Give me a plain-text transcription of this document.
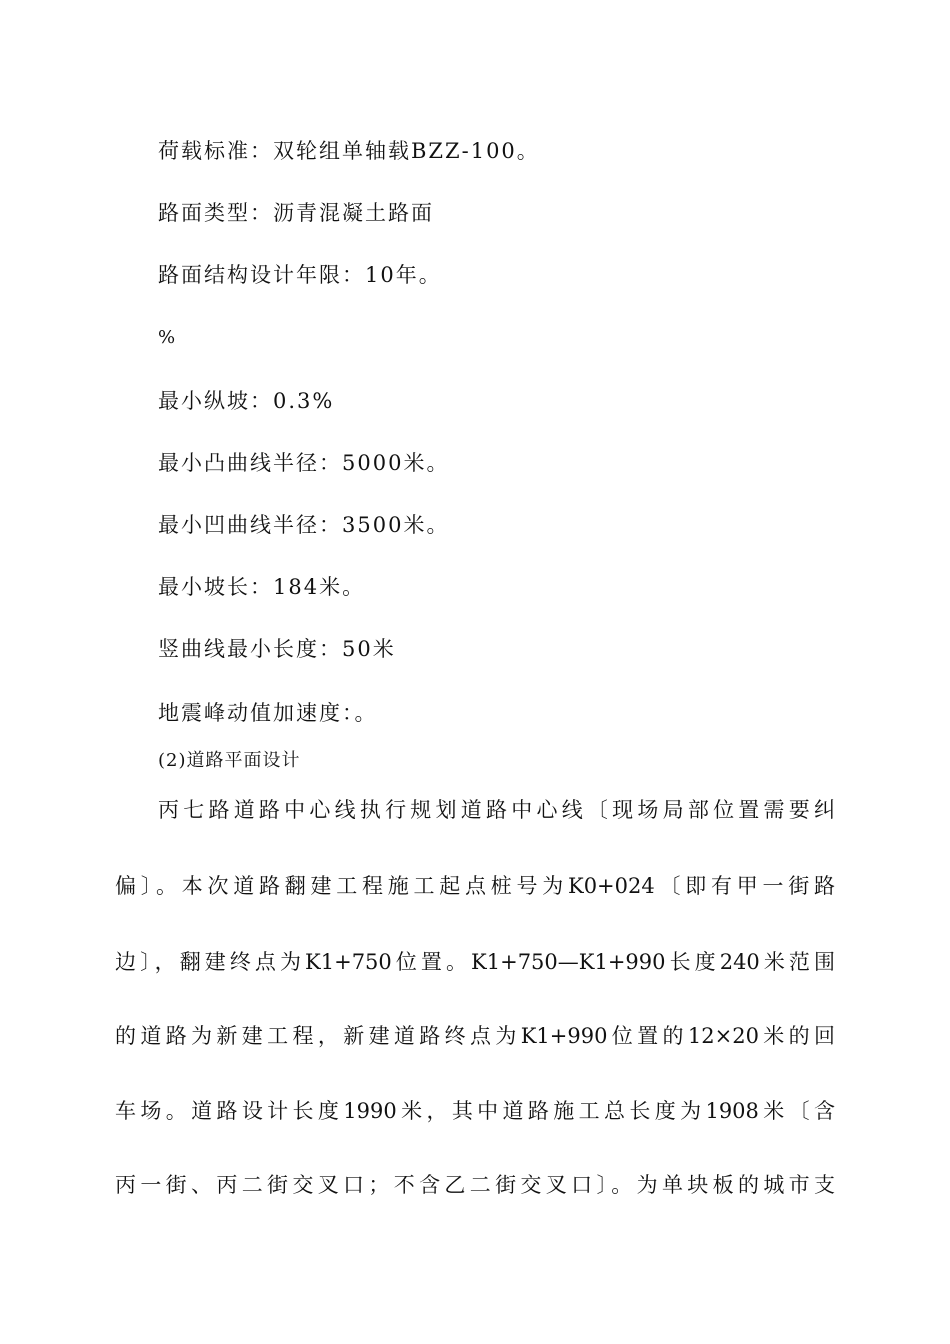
荷载标准：双轮组单轴载BZZ-100。
路面类型：沥青混凝土路面
路面结构设计年限：10年。
%
最小纵坡：0.3%
最小凸曲线半径：5000米。
最小凹曲线半径：3500米。
最小坡长：184米。
竖曲线最小长度：50米
地震峰动值加速度：。
(2)道路平面设计
丙七路道路中心线执行规划道路中心线〔现场局部位置需要纠
偏〕。本次道路翻建工程施工起点桩号为K0+024〔即有甲一街路
边〕，翻建终点为K1+750位置。K1+750—K1+990长度240米范围
的道路为新建工程，新建道路终点为K1+990位置的12×20米的回
车场。道路设计长度1990米，其中道路施工总长度为1908米〔含
丙一街、丙二街交叉口；不含乙二街交叉口〕。为单块板的城市支
